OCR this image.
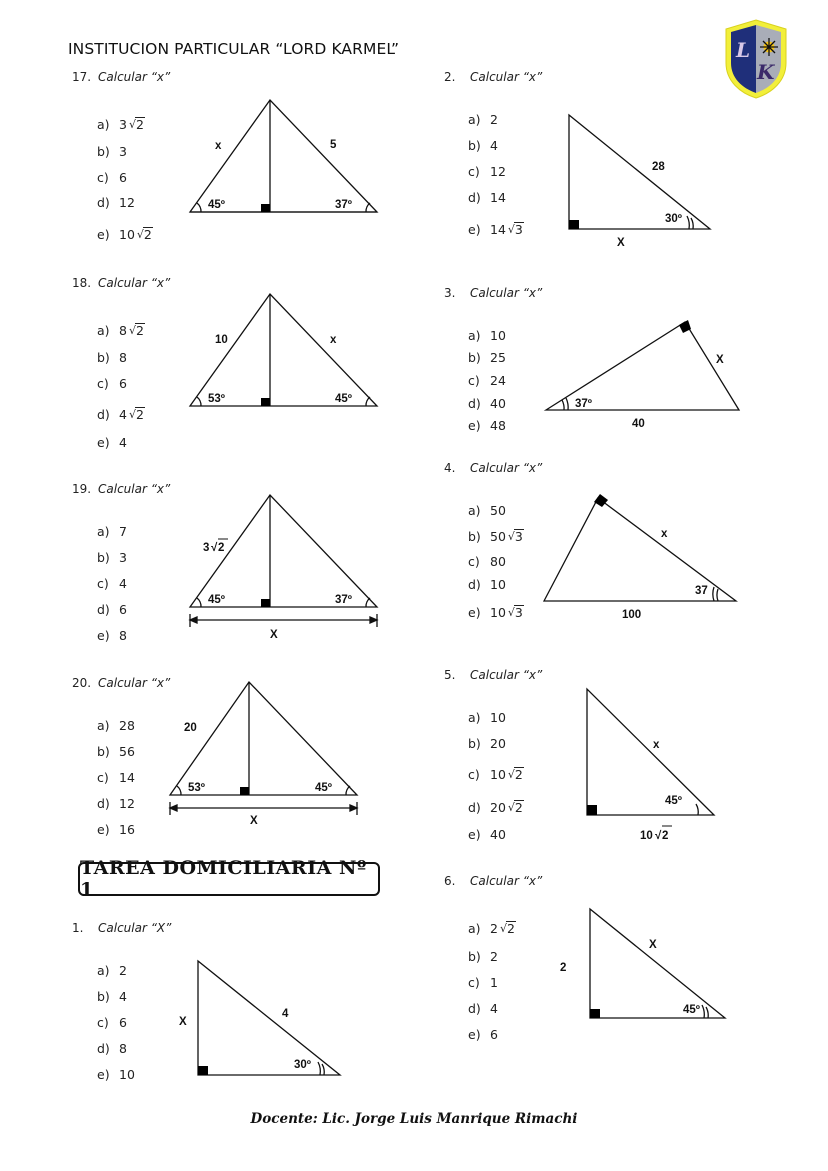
INSTITUCION PARTICULAR “LORD KARMEL”	L
K
17. Calcular “x”
a) 3 √ 2
b) 3
c) 6
d) 12
e) 10 √ 2
x	5
45º	37º
18. Calcular “x”
a) 8 √ 2
b) 8
c) 6
d) 4 √ 2
e) 4
10	x
53º	45º
19. Calcular “x”
a) 7
b) 3
c) 4
d) 6
e) 8
3 √ 2
45º	37º
X
20. Calcular “x”
a) 28
b) 56
c) 14
d) 12
e) 16
20
53º	45º
X
TAREA DOMICILIARIA Nº 1
1. Calcular “X”
a) 2
b) 4
c) 6
d) 8
e) 10
X
4
30º
2. Calcular “x”
a) 2
b) 4
c) 12
d) 14
e) 14 √ 3
28
30º
X
3. Calcular “x”
a) 10
b) 25
c) 24
d) 40
e) 48
37º
X
40
4. Calcular “x”
a) 50
b) 50 √ 3
c) 80
d) 10
e) 10 √ 3
37
x
100
5. Calcular “x”
a) 10
b) 20
c) 10 √ 2
d) 20 √ 2
e) 40
45º
x
10 √ 2
6. Calcular “x”
a) 2 √ 2
b) 2
c) 1
d) 4
e) 6
2
X
45º
Docente: Lic. Jorge Luis Manrique Rimachi
